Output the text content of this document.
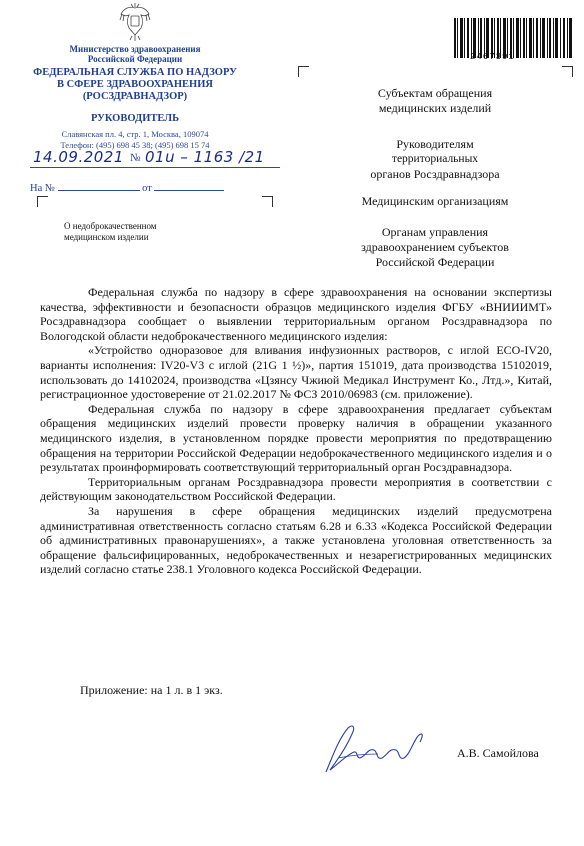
Министерство здравоохранения
Российской Федерации
ФЕДЕРАЛЬНАЯ СЛУЖБА ПО НАДЗОРУ
В СФЕРЕ ЗДРАВООХРАНЕНИЯ
(РОСЗДРАВНАДЗОР)
РУКОВОДИТЕЛЬ
Славянская пл. 4, стр. 1, Москва, 109074
Телефон: (495) 698 45 38; (495) 698 15 74
14.09.2021 № 01u – 1163 /21
На №	от
О недоброкачественном
медицинском изделии
2467391
Субъектам обращения
медицинских изделий
Руководителям
территориальных
органов Росздравнадзора
Медицинским организациям
Органам управления
здравоохранением субъектов
Российской Федерации

Федеральная служба по надзору в сфере здравоохранения на основании экспертизы качества, эффективности и безопасности образцов медицинского изделия ФГБУ «ВНИИИМТ» Росздравнадзора сообщает о выявлении территориальным органом Росздравнадзора по Вологодской области недоброкачественного медицинского изделия:

«Устройство одноразовое для вливания инфузионных растворов, с иглой ECO-IV20, варианты исполнения: IV20-V3 с иглой (21G 1 ½)», партия 151019, дата производства 15102019, использовать до 14102024, производства «Цзянсу Чжиюй Медикал Инструмент Ко., Лтд.», Китай, регистрационное удостоверение от 21.02.2017 № ФСЗ 2010/06983 (см. приложение).

Федеральная служба по надзору в сфере здравоохранения предлагает субъектам обращения медицинских изделий провести проверку наличия в обращении указанного медицинского изделия, в установленном порядке провести мероприятия по предотвращению обращения на территории Российской Федерации недоброкачественного медицинского изделия и о результатах проинформировать соответствующий территориальный орган Росздравнадзора.

Территориальным органам Росздравнадзора провести мероприятия в соответствии с действующим законодательством Российской Федерации.

За нарушения в сфере обращения медицинских изделий предусмотрена административная ответственность согласно статьям 6.28 и 6.33 «Кодекса Российской Федерации об административных правонарушениях», а также установлена уголовная ответственность за обращение фальсифицированных, недоброкачественных и незарегистрированных медицинских изделий согласно статье 238.1 Уголовного кодекса Российской Федерации.

Приложение: на 1 л. в 1 экз.
А.В. Самойлова
